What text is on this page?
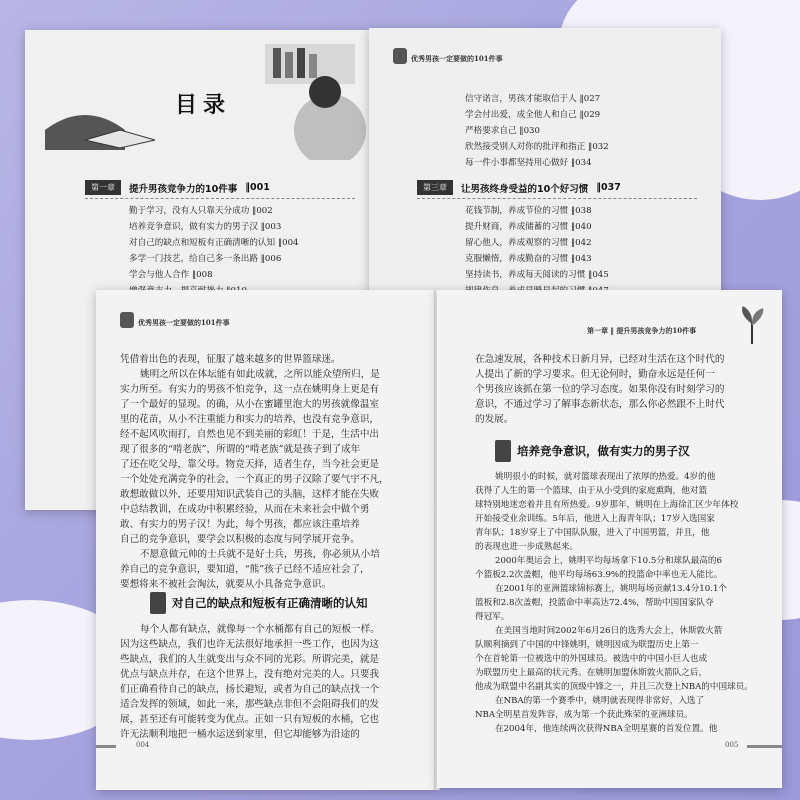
目录
第一章	提升男孩竞争力的10件事 ‖001
勤于学习，没有人只靠天分成功 ‖002
培养竞争意识，做有实力的男子汉 ‖003
对自己的缺点和短板有正确清晰的认知 ‖004
多学一门技艺，给自己多一条出路 ‖006
学会与他人合作 ‖008
优秀男孩一定要做的101件事
信守诺言，男孩才能取信于人 ‖027
学会付出爱，成全他人和自己 ‖029
严格要求自己 ‖030
欣然接受别人对你的批评和指正 ‖032
每一件小事都坚持用心做好 ‖034
第三章	让男孩终身受益的10个好习惯 ‖037
花钱节制，养成节俭的习惯 ‖038
提升财商，养成储蓄的习惯 ‖040
留心他人，养成观察的习惯 ‖042
克服懒惰，养成勤奋的习惯 ‖043
坚持读书，养成每天阅读的习惯 ‖045
优秀男孩一定要做的101件事
凭借着出色的表现，征服了越来越多的世界篮球迷。
姚明之所以在体坛能有如此成就，之所以能众望所归，是
实力所至。有实力的男孩不怕竞争，这一点在姚明身上更是有
了一个最好的显现。的确，从小在蜜罐里泡大的男孩就像温室
里的花苗，从小不注重能力和实力的培养，也没有竞争意识，
经不起风吹雨打，自然也见不到美丽的彩虹！于是，生活中出
现了很多的“啃老族”，所谓的“啃老族”就是孩子到了成年
了还在吃父母，靠父母。物竞天择，适者生存，当今社会更是
一个处处充满竞争的社会，一个真正的男子汉除了要气宇不凡，
敢想敢做以外，还要用知识武装自己的头脑，这样才能在失败
中总结教训，在成功中积累经验，从而在未来社会中做个勇
敢、有实力的男子汉！为此，每个男孩，都应该注重培养
自己的竞争意识，要学会以积极的态度与同学展开竞争。
不愿意做元帅的士兵就不是好士兵，男孩，你必须从小培
养自己的竞争意识，要知道，“熊”孩子已经不适应社会了，
要想将来不被社会淘汰，就要从小具备竞争意识。
对自己的缺点和短板有正确清晰的认知
每个人都有缺点，就像每一个水桶都有自己的短板一样。
因为这些缺点，我们也许无法很好地承担一些工作，也因为这
些缺点，我们的人生就变出与众不同的光彩。所谓完美，就是
优点与缺点并存，在这个世界上，没有绝对完美的人。只要我
们正确看待自己的缺点，扬长避短，或者为自己的缺点找一个
适合发挥的领域，如此一来，那些缺点非但不会阻碍我们的发
展，甚至还有可能转变为优点。正如一只有短板的水桶，它也
许无法顺利地把一桶水运送到家里，但它却能够为沿途的
004
第一章 ‖ 提升男孩竞争力的10件事
在急速发展，各种技术日新月异，已经对生活在这个时代的
人提出了新的学习要求。但无论何时，勤奋永远是任何一
个男孩应该抓在第一位的学习态度。如果你没有时刻学习的
意识，不通过学习了解事态新状态，那么你必然跟不上时代
的发展。
培养竞争意识，做有实力的男子汉
姚明很小的时候，就对篮球表现出了浓厚的热爱。4岁的他
获得了人生的第一个篮球，由于从小受到的家庭熏陶，他对篮
球特别地迷恋着并且有所热爱。9岁那年，姚明在上海徐汇区少年体校
开始接受业余训练。5年后，他进入上海青年队；17岁入选国家
青年队；18岁穿上了中国队队服，进入了中国男篮，并且，他
的表现也进一步成熟起来。
2000年奥运会上，姚明平均每场拿下10.5分和球队最高的6
个篮板2.2次盖帽，他平均每场63.9%的投篮命中率也无人能比。
在2001年的亚洲篮球锦标赛上，姚明每场贡献13.4分10.1个
篮板和2.8次盖帽，投篮命中率高达72.4%，帮助中国国家队夺
得冠军。
在美国当地时间2002年6月26日的选秀大会上，休斯敦火箭
队顺利摘到了中国的中锋姚明，姚明因成为联盟历史上第一
个在首轮第一位被选中的外国球员。被选中的中国小巨人也成
为联盟历史上最高的状元秀。在姚明加盟休斯敦火箭队之后，
他成为联盟中名副其实的顶级中锋之一，并且三次登上NBA的中国球员。
在NBA的第一个赛季中，姚明就表现得非常好，入选了
NBA全明星首发阵容，成为第一个获此殊荣的亚洲球员。
在2004年，他连续两次获得NBA全明星赛的首发位置。他
005
